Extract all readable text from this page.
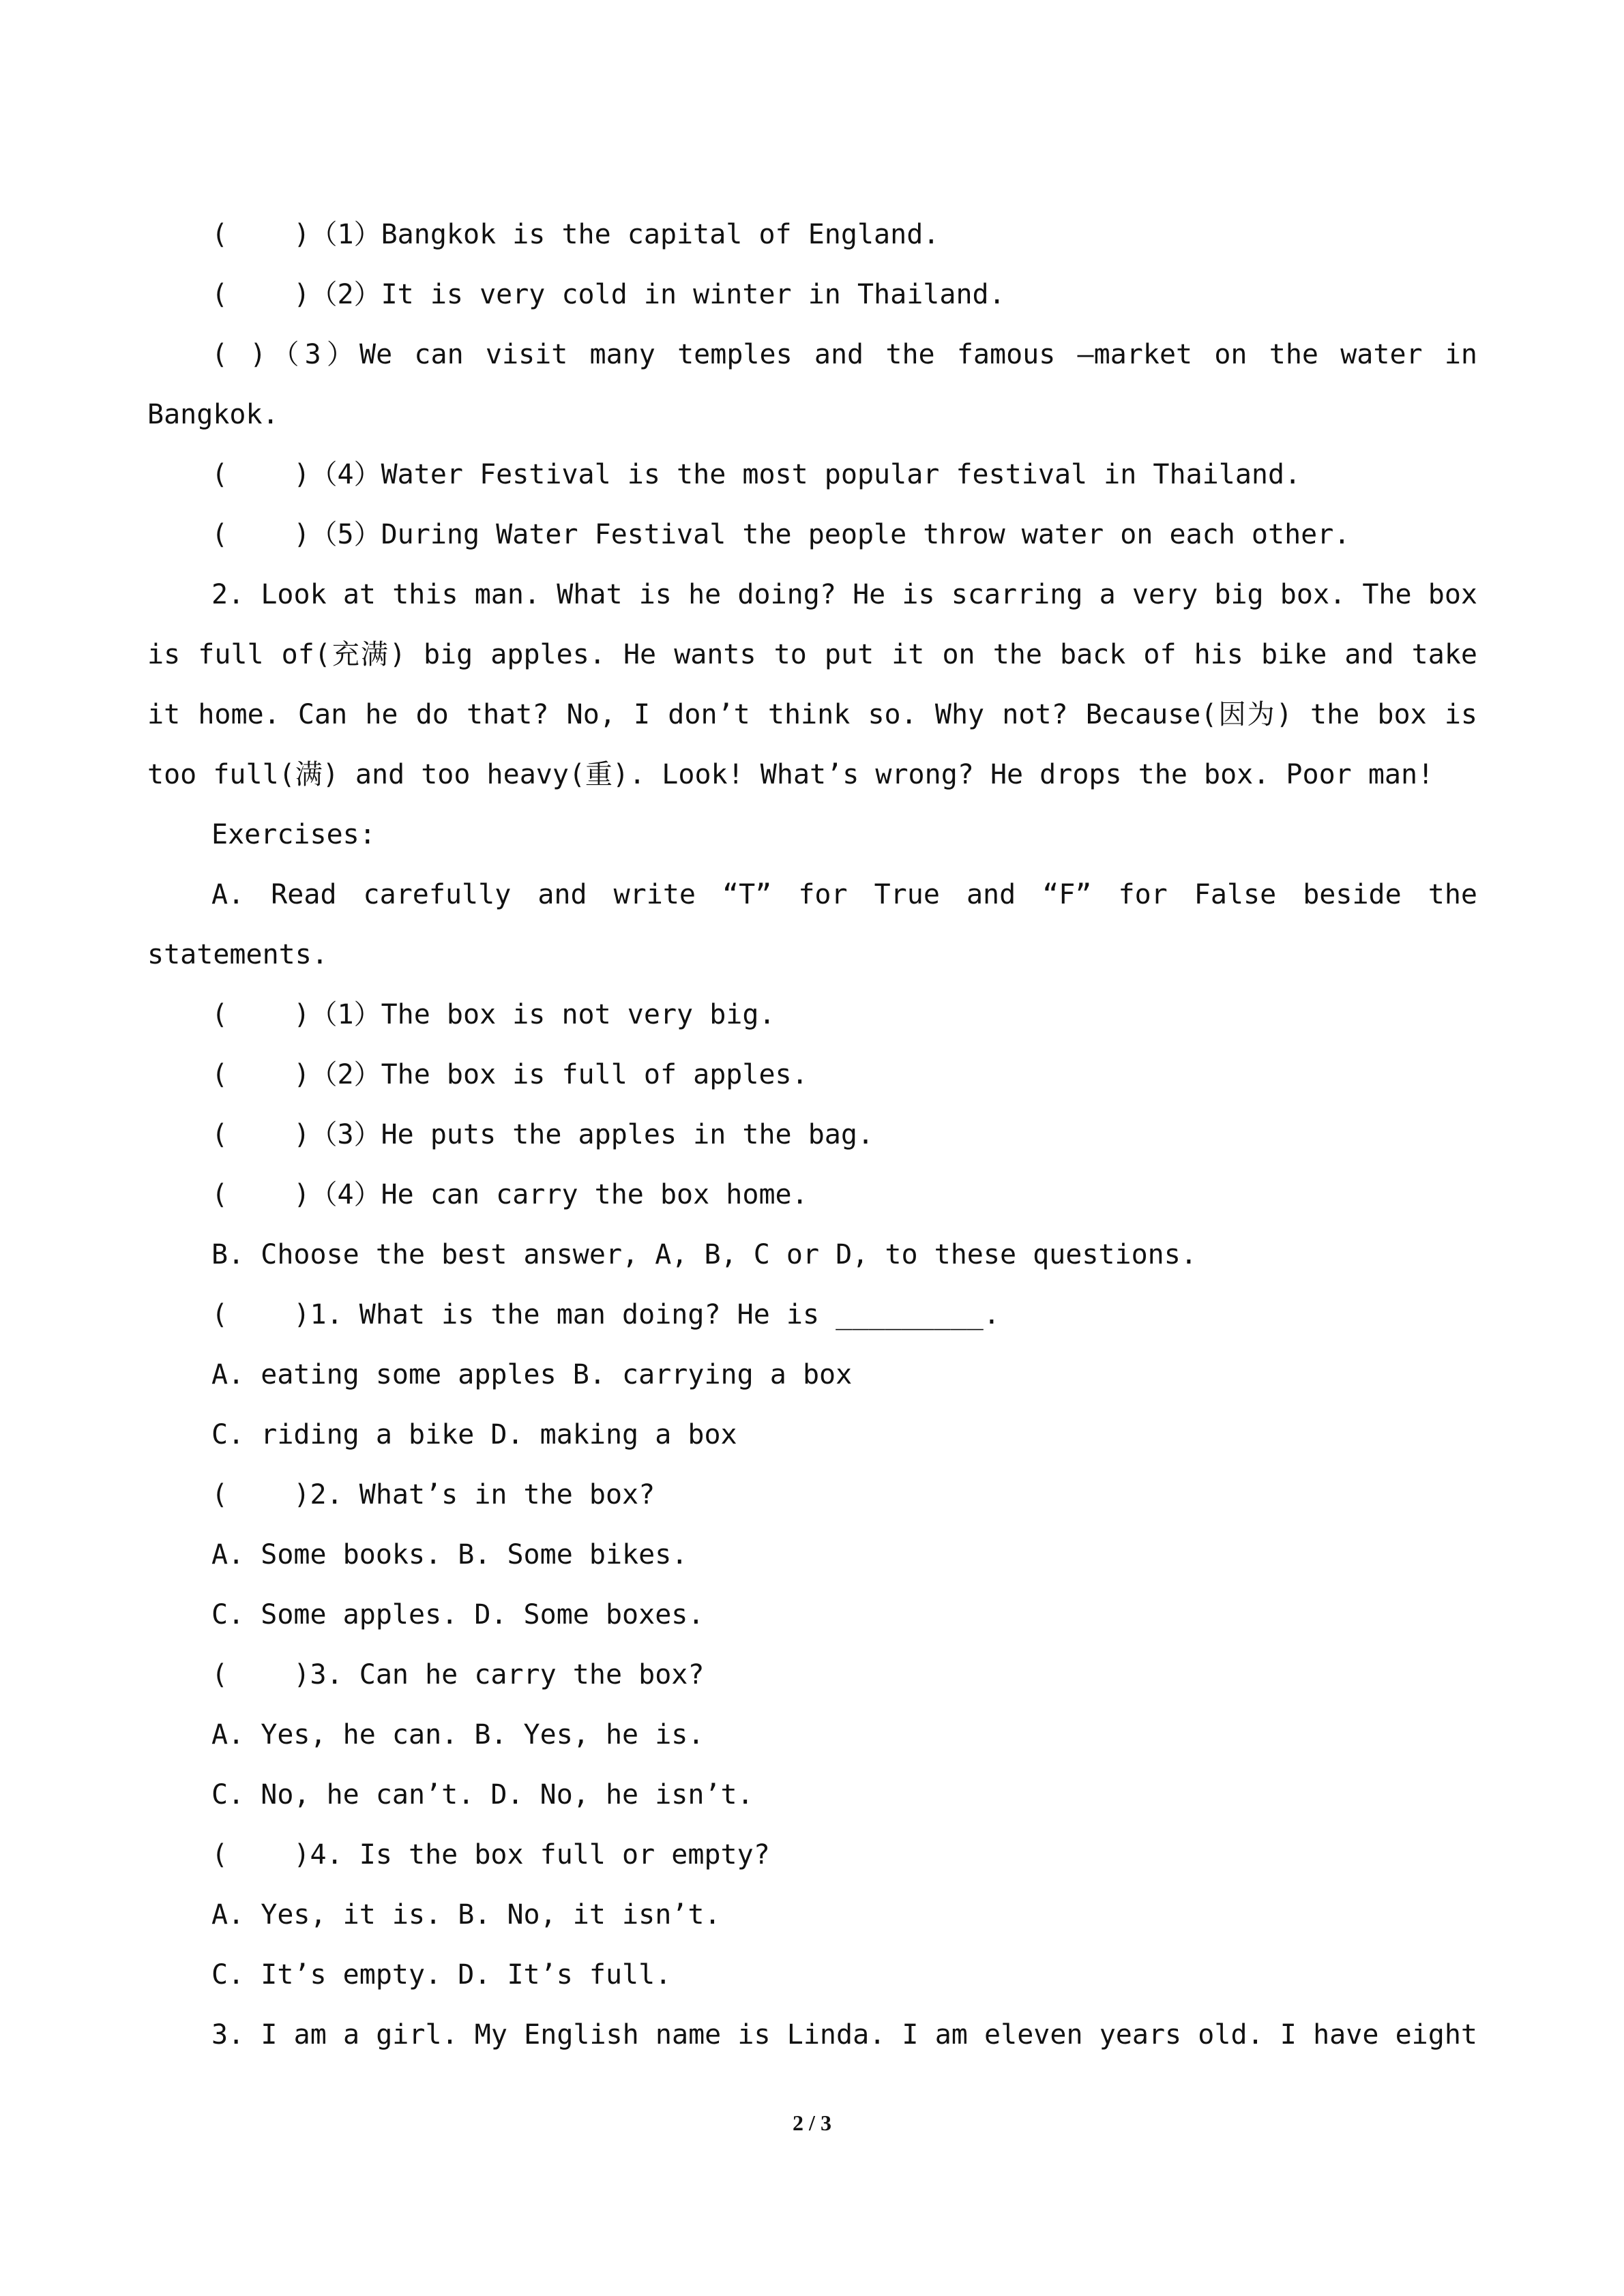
(    )（1）Bangkok is the capital of England.
(    )（2）It is very cold in winter in Thailand.
( )（3）We can visit many temples and the famous —market on the water in
Bangkok.
(    )（4）Water Festival is the most popular festival in Thailand.
(    )（5）During Water Festival the people throw water on each other.
2. Look at this man. What is he doing? He is scarring a very big box. The box
is full of(充满) big apples. He wants to put it on the back of his bike and take
it home. Can he do that? No, I don’t think so. Why not? Because(因为) the box is
too full(满) and too heavy(重). Look! What’s wrong? He drops the box. Poor man!
Exercises:
A. Read carefully and write “T” for True and “F” for False beside the
statements.
(    )（1）The box is not very big.
(    )（2）The box is full of apples.
(    )（3）He puts the apples in the bag.
(    )（4）He can carry the box home.
B. Choose the best answer, A, B, C or D, to these questions.
(    )1. What is the man doing? He is _________.
A. eating some apples B. carrying a box
C. riding a bike D. making a box
(    )2. What’s in the box?
A. Some books. B. Some bikes.
C. Some apples. D. Some boxes.
(    )3. Can he carry the box?
A. Yes, he can. B. Yes, he is.
C. No, he can’t. D. No, he isn’t.
(    )4. Is the box full or empty?
A. Yes, it is. B. No, it isn’t.
C. It’s empty. D. It’s full.
3. I am a girl. My English name is Linda. I am eleven years old. I have eight
2 / 3
